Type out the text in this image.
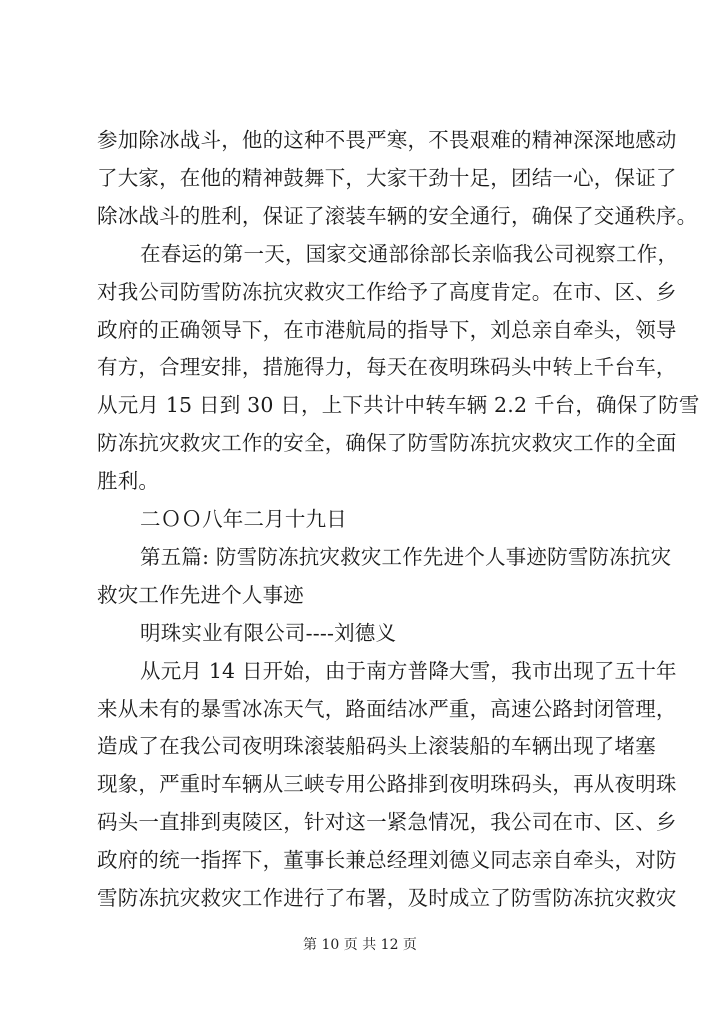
参加除冰战斗，他的这种不畏严寒，不畏艰难的精神深深地感动
了大家，在他的精神鼓舞下，大家干劲十足，团结一心，保证了
除冰战斗的胜利，保证了滚装车辆的安全通行，确保了交通秩序。
在春运的第一天，国家交通部徐部长亲临我公司视察工作，
对我公司防雪防冻抗灾救灾工作给予了高度肯定。在市、区、乡
政府的正确领导下，在市港航局的指导下，刘总亲自牵头，领导
有方，合理安排，措施得力，每天在夜明珠码头中转上千台车，
从元月 15 日到 30 日，上下共计中转车辆 2.2 千台，确保了防雪
防冻抗灾救灾工作的安全，确保了防雪防冻抗灾救灾工作的全面
胜利。
二ＯＯ八年二月十九日
第五篇: 防雪防冻抗灾救灾工作先进个人事迹防雪防冻抗灾
救灾工作先进个人事迹
明珠实业有限公司----刘德义
从元月 14 日开始，由于南方普降大雪，我市出现了五十年
来从未有的暴雪冰冻天气，路面结冰严重，高速公路封闭管理，
造成了在我公司夜明珠滚装船码头上滚装船的车辆出现了堵塞
现象，严重时车辆从三峡专用公路排到夜明珠码头，再从夜明珠
码头一直排到夷陵区，针对这一紧急情况，我公司在市、区、乡
政府的统一指挥下，董事长兼总经理刘德义同志亲自牵头，对防
雪防冻抗灾救灾工作进行了布署，及时成立了防雪防冻抗灾救灾
第 10 页 共 12 页
